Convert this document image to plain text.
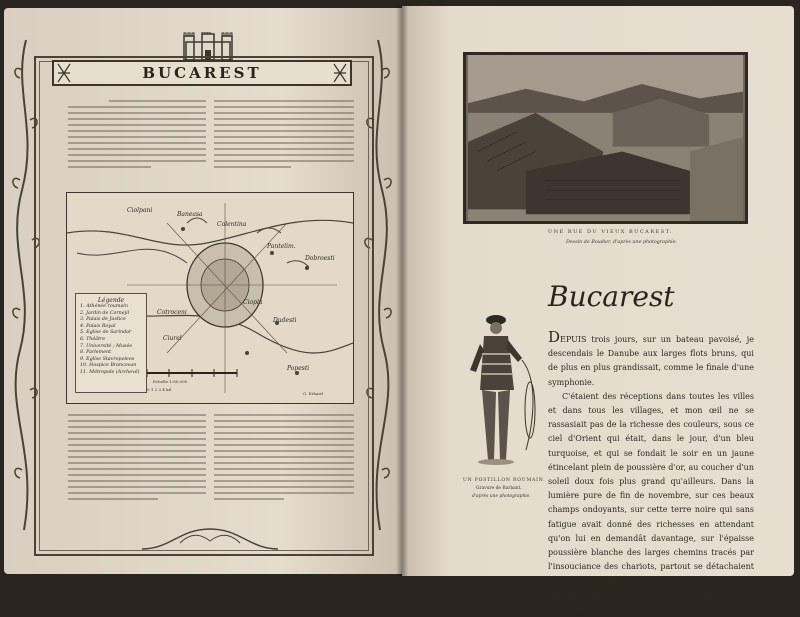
BUCAREST
Légende
1. Athénée roumain
2. Jardin de Cornejil
3. Palais de Justice
4. Palais Royal
5. Eglise de Sarindar
6. Théâtre
7. Université ; Musée
8. Parlement
9. Eglise Stavropoleos
10. Hospice Brancovan
11. Métropole (Archevê)
Colentina
Ciopla
Pantelim.
Dudesti
Cotroceni
Baneasa
Ciurel
Popesti
Dobroesti
Ciolpani
Echelle 1:80.000
0 1 2 3 4 kil
G. Erhard
UNE RUE DU VIEUX BUCAREST.
Dessin de Boudier, d'après une photographie.
Bucarest
UN POSTILLON ROUMAIN.
Gravure de Barbant,
d'après une photographie.

DEPUIS trois jours, sur un bateau pavoisé, je descendais le Danube aux larges flots bruns, qui de plus en plus grandissait, comme le finale d'une symphonie.

C'étaient des réceptions dans toutes les villes et dans tous les villages, et mon œil ne se rassasiait pas de la richesse des couleurs, sous ce ciel d'Orient qui était, dans le jour, d'un bleu turquoise, et qui se fondait le soir en un jaune étincelant plein de poussière d'or, au coucher d'un soleil doux fois plus grand qu'ailleurs. Dans la lumière pure de fin de novembre, sur ces beaux champs ondoyants, sur cette terre noire qui sans fatigue avait donné des richesses en attendant qu'on lui en demandât davantage, sur l'épaisse poussière blanche des larges chemins tracés par l'insouciance des chariots, partout se détachaient en nuances vives les costumes des paysans attroupés pour me recevoir : des chemises d'une blancheur éblouissante,
